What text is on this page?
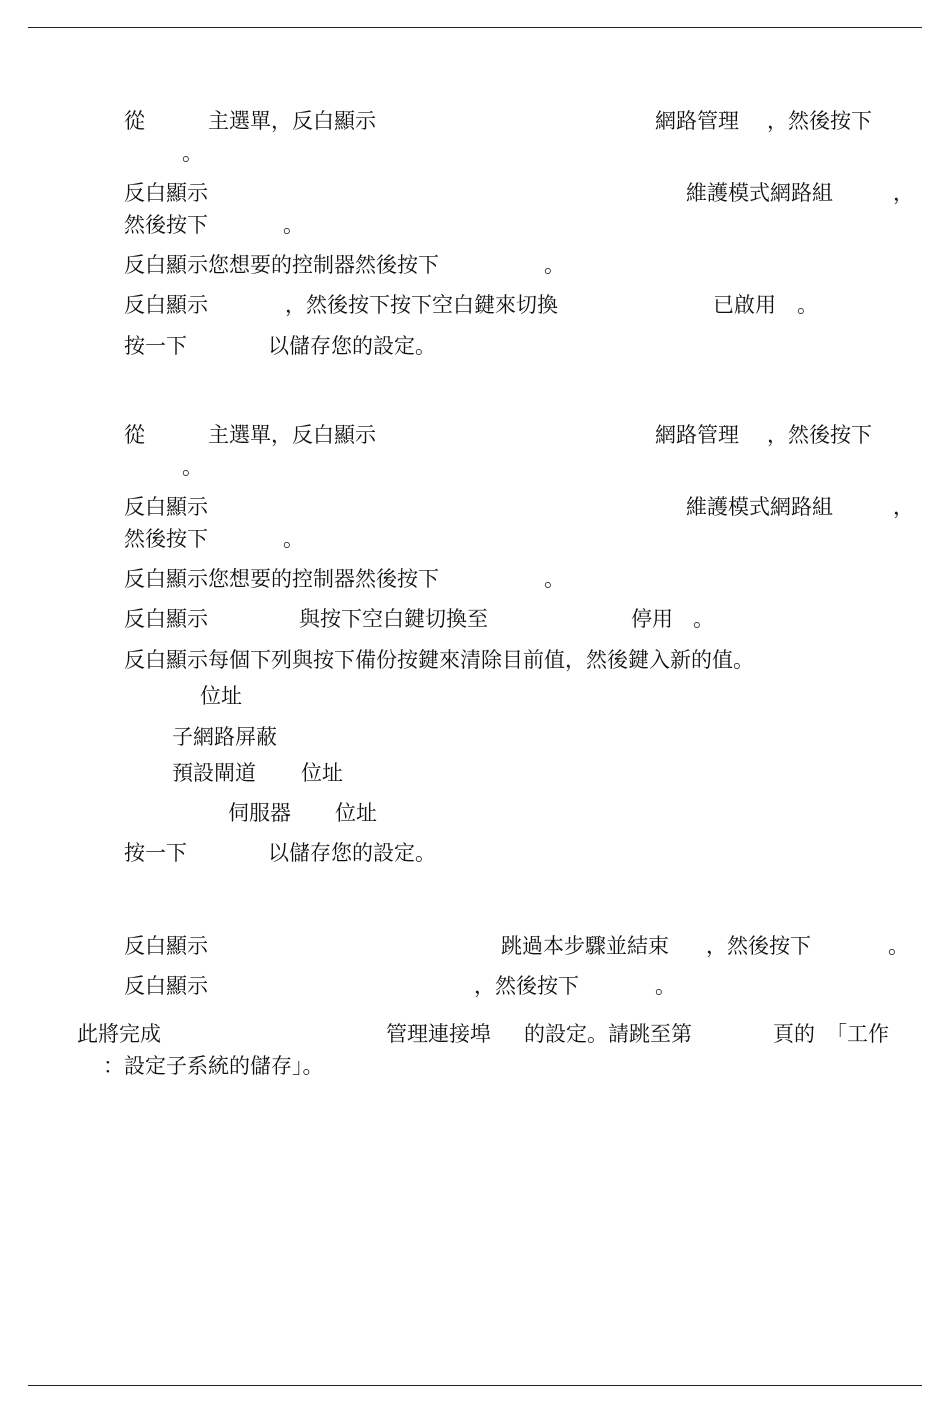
從	主選單，反白顯示	網路管理 ，然後按下
。
反白顯示	維護模式網路組	，
然後按下	。
反白顯示您想要的控制器然後按下	。
反白顯示	，然後按下按下空白鍵來切換	已啟用 。
按一下	以儲存您的設定。
從	主選單，反白顯示	網路管理 ，然後按下
。
反白顯示	維護模式網路組	，
然後按下	。
反白顯示您想要的控制器然後按下	。
反白顯示	與按下空白鍵切換至	停用 。
反白顯示每個下列與按下備份按鍵來清除目前值，然後鍵入新的值。
位址
子網路屏蔽
預設閘道 位址
伺服器 位址
按一下	以儲存您的設定。
反白顯示	跳過本步驟並結束 ，然後按下	。
反白顯示	，然後按下	。
此將完成	管理連接埠 的設定。請跳至第	頁的 「工作
：設定子系統的儲存」。
